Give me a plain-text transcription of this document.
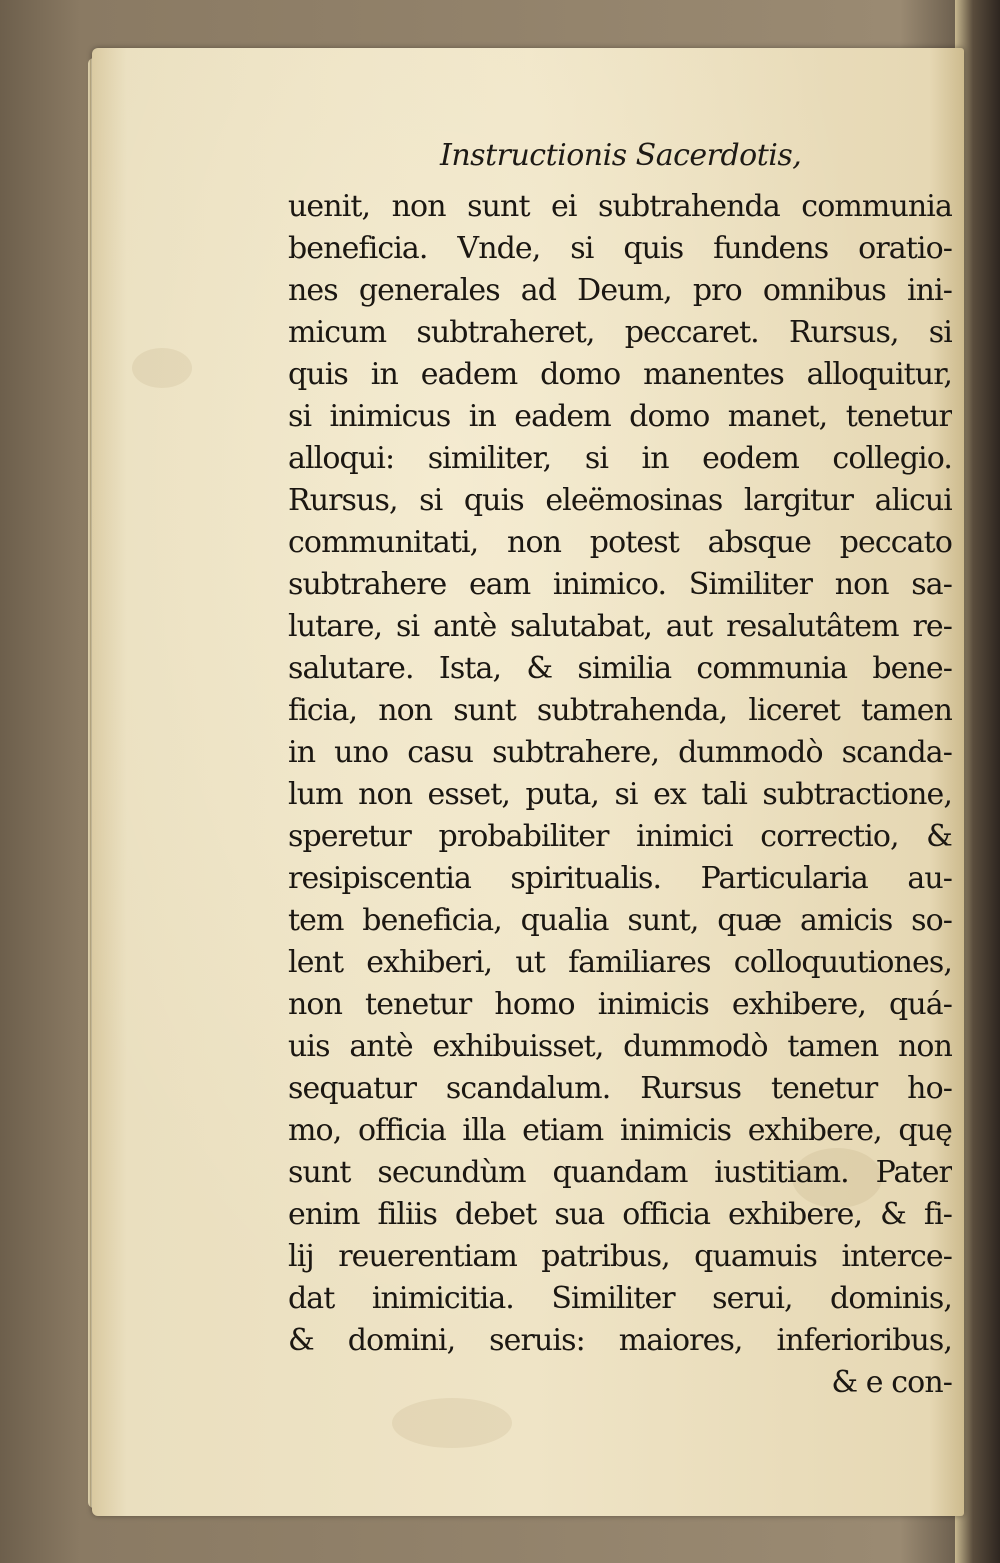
Instructionis Sacerdotis,
uenit, non sunt ei subtrahenda communia
beneficia. Vnde, si quis fundens oratio-
nes generales ad Deum, pro omnibus ini-
micum subtraheret, peccaret. Rursus, si
quis in eadem domo manentes alloquitur,
si inimicus in eadem domo manet, tenetur
alloqui: similiter, si in eodem collegio.
Rursus, si quis eleëmosinas largitur alicui
communitati, non potest absque peccato
subtrahere eam inimico. Similiter non sa-
lutare, si antè salutabat, aut resalutâtem re-
salutare. Ista, & similia communia bene-
ficia, non sunt subtrahenda, liceret tamen
in uno casu subtrahere, dummodò scanda-
lum non esset, puta, si ex tali subtractione,
speretur probabiliter inimici correctio, &
resipiscentia spiritualis. Particularia au-
tem beneficia, qualia sunt, quæ amicis so-
lent exhiberi, ut familiares colloquutiones,
non tenetur homo inimicis exhibere, quá-
uis antè exhibuisset, dummodò tamen non
sequatur scandalum. Rursus tenetur ho-
mo, officia illa etiam inimicis exhibere, quę
sunt secundùm quandam iustitiam. Pater
enim filiis debet sua officia exhibere, & fi-
lij reuerentiam patribus, quamuis interce-
dat inimicitia. Similiter serui, dominis,
& domini, seruis: maiores, inferioribus,
& e con-
